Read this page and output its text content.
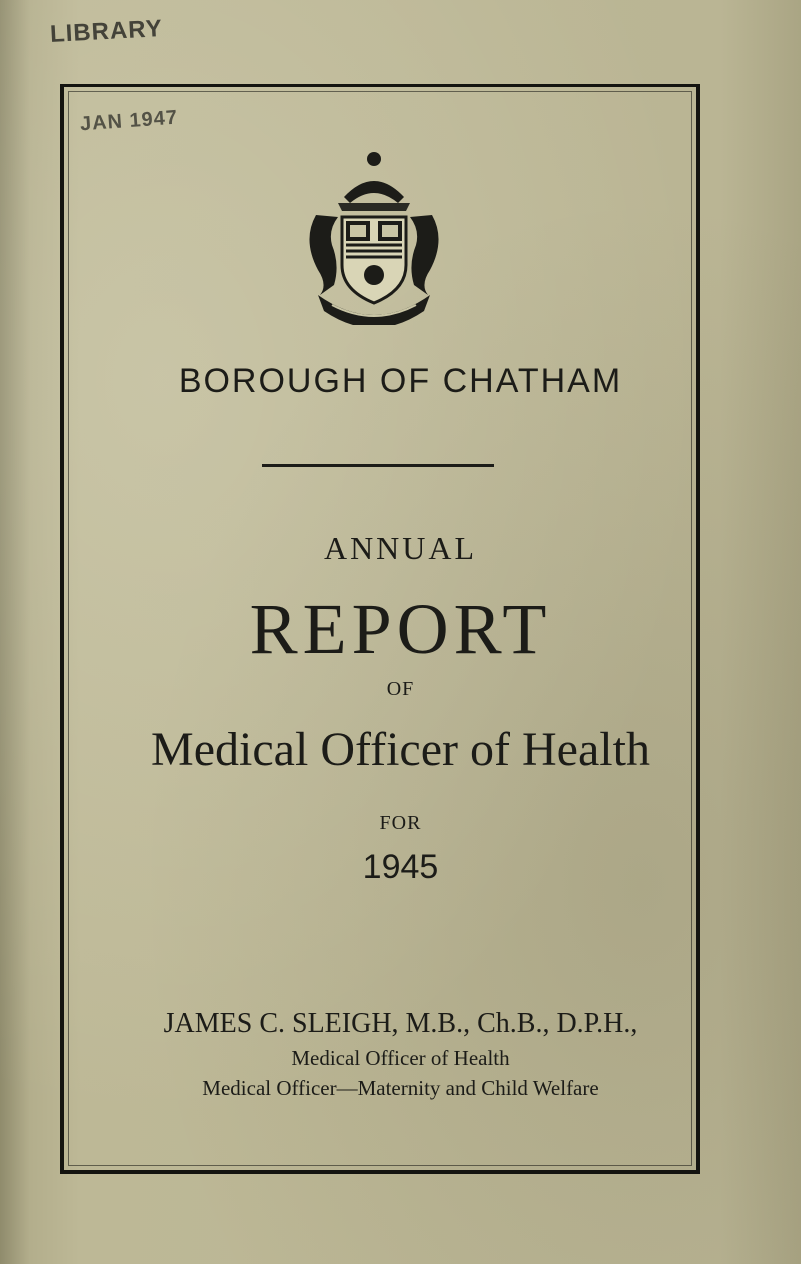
LIBRARY
JAN 1947
BOROUGH OF CHATHAM
ANNUAL
REPORT
OF
Medical Officer of Health
FOR
1945
JAMES C. SLEIGH, M.B., Ch.B., D.P.H.,
Medical Officer of Health
Medical Officer—Maternity and Child Welfare
